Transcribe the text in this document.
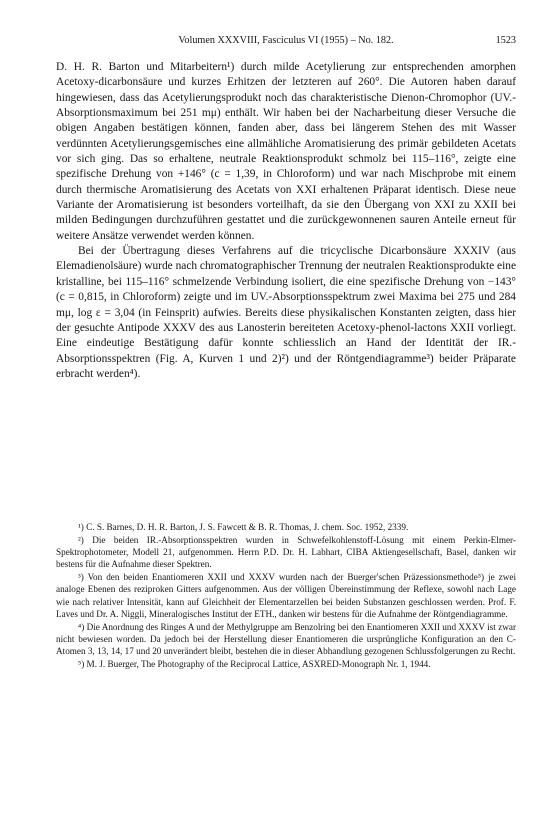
Volumen XXXVIII, Fasciculus VI (1955) – No. 182.	1523

D. H. R. Barton und Mitarbeitern¹) durch milde Acetylierung zur entsprechenden amorphen Acetoxy-dicarbonsäure und kurzes Erhitzen der letzteren auf 260°. Die Autoren haben darauf hingewiesen, dass das Acetylierungsprodukt noch das charakteristische Dienon-Chromophor (UV.-Absorptionsmaximum bei 251 mμ) enthält. Wir haben bei der Nacharbeitung dieser Versuche die obigen Angaben bestätigen können, fanden aber, dass bei längerem Stehen des mit Wasser verdünnten Acetylierungsgemisches eine allmähliche Aromatisierung des primär gebildeten Acetats vor sich ging. Das so erhaltene, neutrale Reaktionsprodukt schmolz bei 115–116°, zeigte eine spezifische Drehung von +146° (c = 1,39, in Chloroform) und war nach Mischprobe mit einem durch thermische Aromatisierung des Acetats von XXI erhaltenen Präparat identisch. Diese neue Variante der Aromatisierung ist besonders vorteilhaft, da sie den Übergang von XXI zu XXII bei milden Bedingungen durchzuführen gestattet und die zurückgewonnenen sauren Anteile erneut für weitere Ansätze verwendet werden können.

Bei der Übertragung dieses Verfahrens auf die tricyclische Dicarbonsäure XXXIV (aus Elemadienolsäure) wurde nach chromatographischer Trennung der neutralen Reaktionsprodukte eine kristalline, bei 115–116° schmelzende Verbindung isoliert, die eine spezifische Drehung von −143° (c = 0,815, in Chloroform) zeigte und im UV.-Absorptionsspektrum zwei Maxima bei 275 und 284 mμ, log ε = 3,04 (in Feinsprit) aufwies. Bereits diese physikalischen Konstanten zeigten, dass hier der gesuchte Antipode XXXV des aus Lanosterin bereiteten Acetoxy-phenol-lactons XXII vorliegt. Eine eindeutige Bestätigung dafür konnte schliesslich an Hand der Identität der IR.-Absorptionsspektren (Fig. A, Kurven 1 und 2)²) und der Röntgendiagramme³) beider Präparate erbracht werden⁴).

¹) C. S. Barnes, D. H. R. Barton, J. S. Fawcett & B. R. Thomas, J. chem. Soc. 1952, 2339.

²) Die beiden IR.-Absorptionsspektren wurden in Schwefelkohlenstoff-Lösung mit einem Perkin-Elmer-Spektrophotometer, Modell 21, aufgenommen. Herrn P.D. Dr. H. Labhart, CIBA Aktiengesellschaft, Basel, danken wir bestens für die Aufnahme dieser Spektren.

³) Von den beiden Enantiomeren XXII und XXXV wurden nach der Buerger'schen Präzessionsmethode⁵) je zwei analoge Ebenen des reziproken Gitters aufgenommen. Aus der völligen Übereinstimmung der Reflexe, sowohl nach Lage wie nach relativer Intensität, kann auf Gleichheit der Elementarzellen bei beiden Substanzen geschlossen werden. Prof. F. Laves und Dr. A. Niggli, Mineralogisches Institut der ETH., danken wir bestens für die Aufnahme der Röntgendiagramme.

⁴) Die Anordnung des Ringes A und der Methylgruppe am Benzolring bei den Enantiomeren XXII und XXXV ist zwar nicht bewiesen worden. Da jedoch bei der Herstellung dieser Enantiomeren die ursprüngliche Konfiguration an den C-Atomen 3, 13, 14, 17 und 20 unverändert bleibt, bestehen die in dieser Abhandlung gezogenen Schlussfolgerungen zu Recht.

⁵) M. J. Buerger, The Photography of the Reciprocal Lattice, ASXRED-Monograph Nr. 1, 1944.
